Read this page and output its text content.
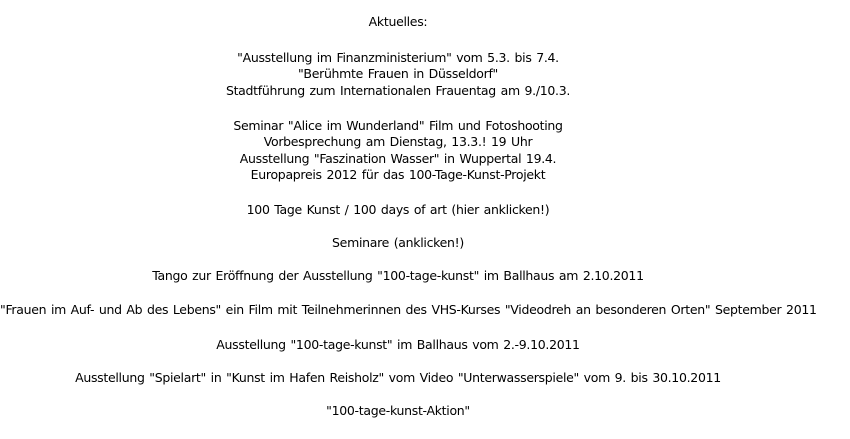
Aktuelles:
"Ausstellung im Finanzministerium" vom 5.3. bis 7.4.
"Berühmte Frauen in Düsseldorf"
Stadtführung zum Internationalen Frauentag am 9./10.3.
Seminar "Alice im Wunderland" Film und Fotoshooting
Vorbesprechung am Dienstag, 13.3.! 19 Uhr
Ausstellung "Faszination Wasser" in Wuppertal 19.4.
Europapreis 2012 für das 100-Tage-Kunst-Projekt
100 Tage Kunst / 100 days of art (hier anklicken!)
Seminare (anklicken!)
Tango zur Eröffnung der Ausstellung "100-tage-kunst" im Ballhaus am 2.10.2011
"Frauen im Auf- und Ab des Lebens" ein Film mit Teilnehmerinnen des VHS-Kurses "Videodreh an besonderen Orten" September 2011
Ausstellung "100-tage-kunst" im Ballhaus vom 2.-9.10.2011
Ausstellung "Spielart" in "Kunst im Hafen Reisholz" vom Video "Unterwasserspiele" vom 9. bis 30.10.2011
"100-tage-kunst-Aktion"
